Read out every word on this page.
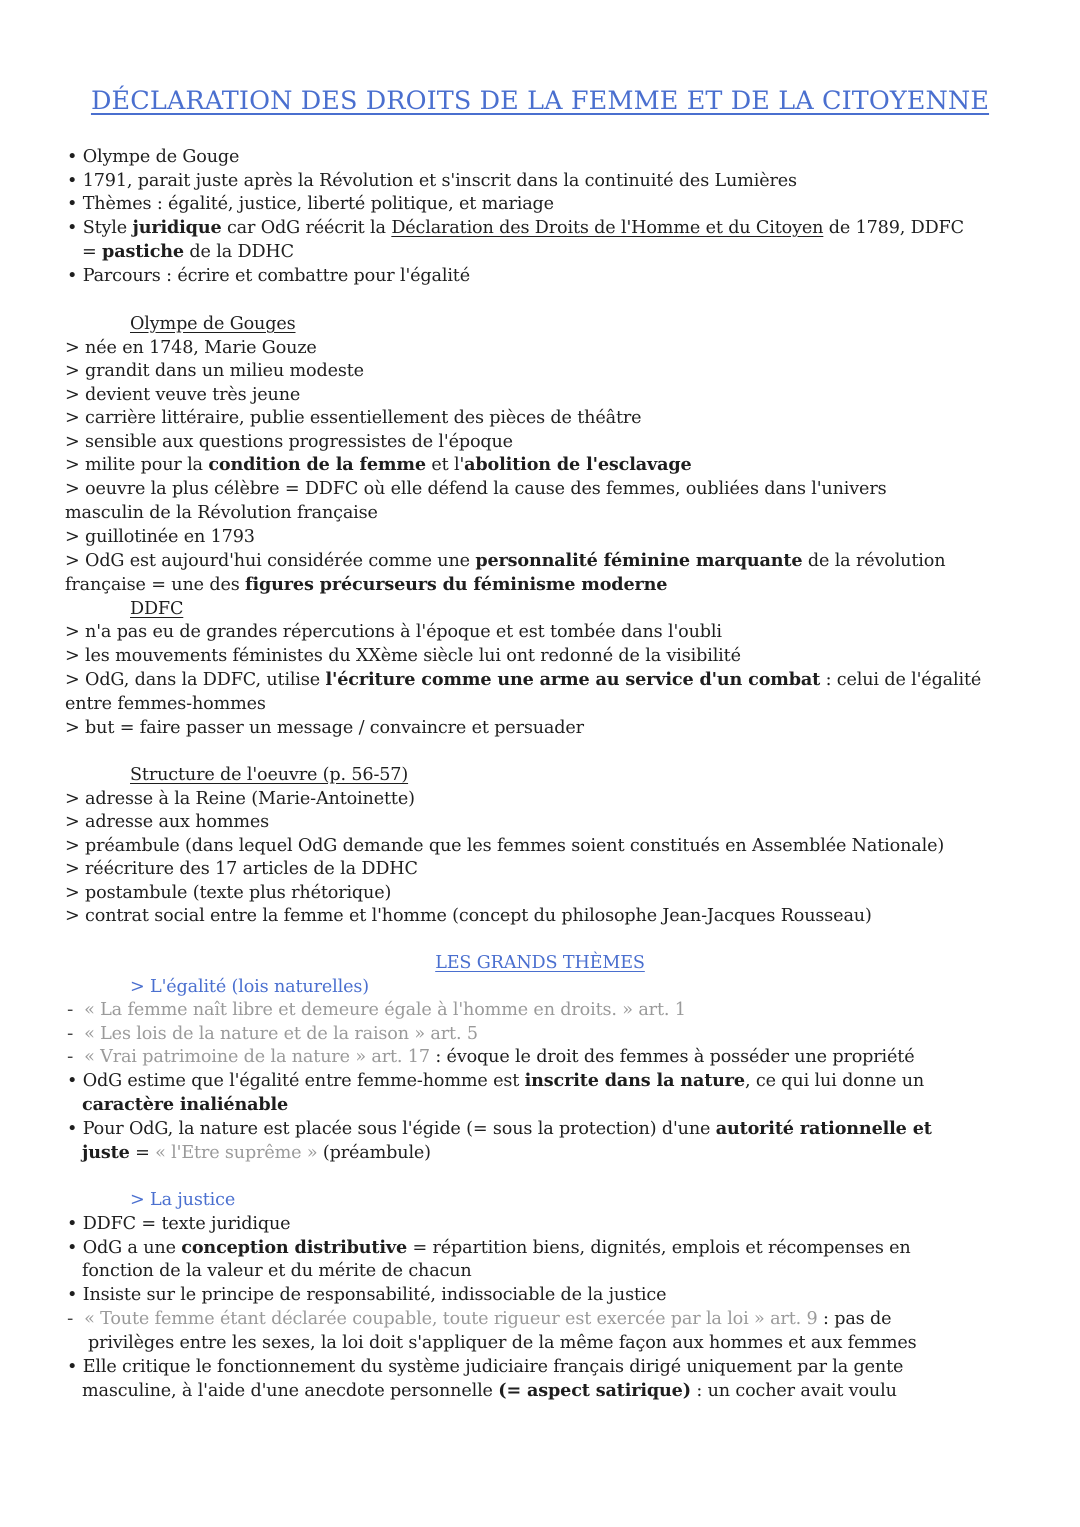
DÉCLARATION DES DROITS DE LA FEMME ET DE LA CITOYENNE
• Olympe de Gouge
• 1791, parait juste après la Révolution et s'inscrit dans la continuité des Lumières
• Thèmes : égalité, justice, liberté politique, et mariage
• Style juridique car OdG réécrit la Déclaration des Droits de l'Homme et du Citoyen de 1789, DDFC
= pastiche de la DDHC
• Parcours : écrire et combattre pour l'égalité
Olympe de Gouges
> née en 1748, Marie Gouze
> grandit dans un milieu modeste
> devient veuve très jeune
> carrière littéraire, publie essentiellement des pièces de théâtre
> sensible aux questions progressistes de l'époque
> milite pour la condition de la femme et l'abolition de l'esclavage
> oeuvre la plus célèbre = DDFC où elle défend la cause des femmes, oubliées dans l'univers
masculin de la Révolution française
> guillotinée en 1793
> OdG est aujourd'hui considérée comme une personnalité féminine marquante de la révolution
française = une des figures précurseurs du féminisme moderne
DDFC
> n'a pas eu de grandes répercutions à l'époque et est tombée dans l'oubli
> les mouvements féministes du XXème siècle lui ont redonné de la visibilité
> OdG, dans la DDFC, utilise l'écriture comme une arme au service d'un combat : celui de l'égalité
entre femmes-hommes
> but = faire passer un message / convaincre et persuader
Structure de l'oeuvre (p. 56-57)
> adresse à la Reine (Marie-Antoinette)
> adresse aux hommes
> préambule (dans lequel OdG demande que les femmes soient constitués en Assemblée Nationale)
> réécriture des 17 articles de la DDHC
> postambule (texte plus rhétorique)
> contrat social entre la femme et l'homme (concept du philosophe Jean-Jacques Rousseau)
LES GRANDS THÈMES
> L'égalité (lois naturelles)
- « La femme naît libre et demeure égale à l'homme en droits. » art. 1
- « Les lois de la nature et de la raison » art. 5
- « Vrai patrimoine de la nature » art. 17 : évoque le droit des femmes à posséder une propriété
• OdG estime que l'égalité entre femme-homme est inscrite dans la nature, ce qui lui donne un
caractère inaliénable
• Pour OdG, la nature est placée sous l'égide (= sous la protection) d'une autorité rationnelle et
juste = « l'Etre suprême » (préambule)
> La justice
• DDFC = texte juridique
• OdG a une conception distributive = répartition biens, dignités, emplois et récompenses en
fonction de la valeur et du mérite de chacun
• Insiste sur le principe de responsabilité, indissociable de la justice
- « Toute femme étant déclarée coupable, toute rigueur est exercée par la loi » art. 9 : pas de
privilèges entre les sexes, la loi doit s'appliquer de la même façon aux hommes et aux femmes
• Elle critique le fonctionnement du système judiciaire français dirigé uniquement par la gente
masculine, à l'aide d'une anecdote personnelle (= aspect satirique) : un cocher avait voulu
